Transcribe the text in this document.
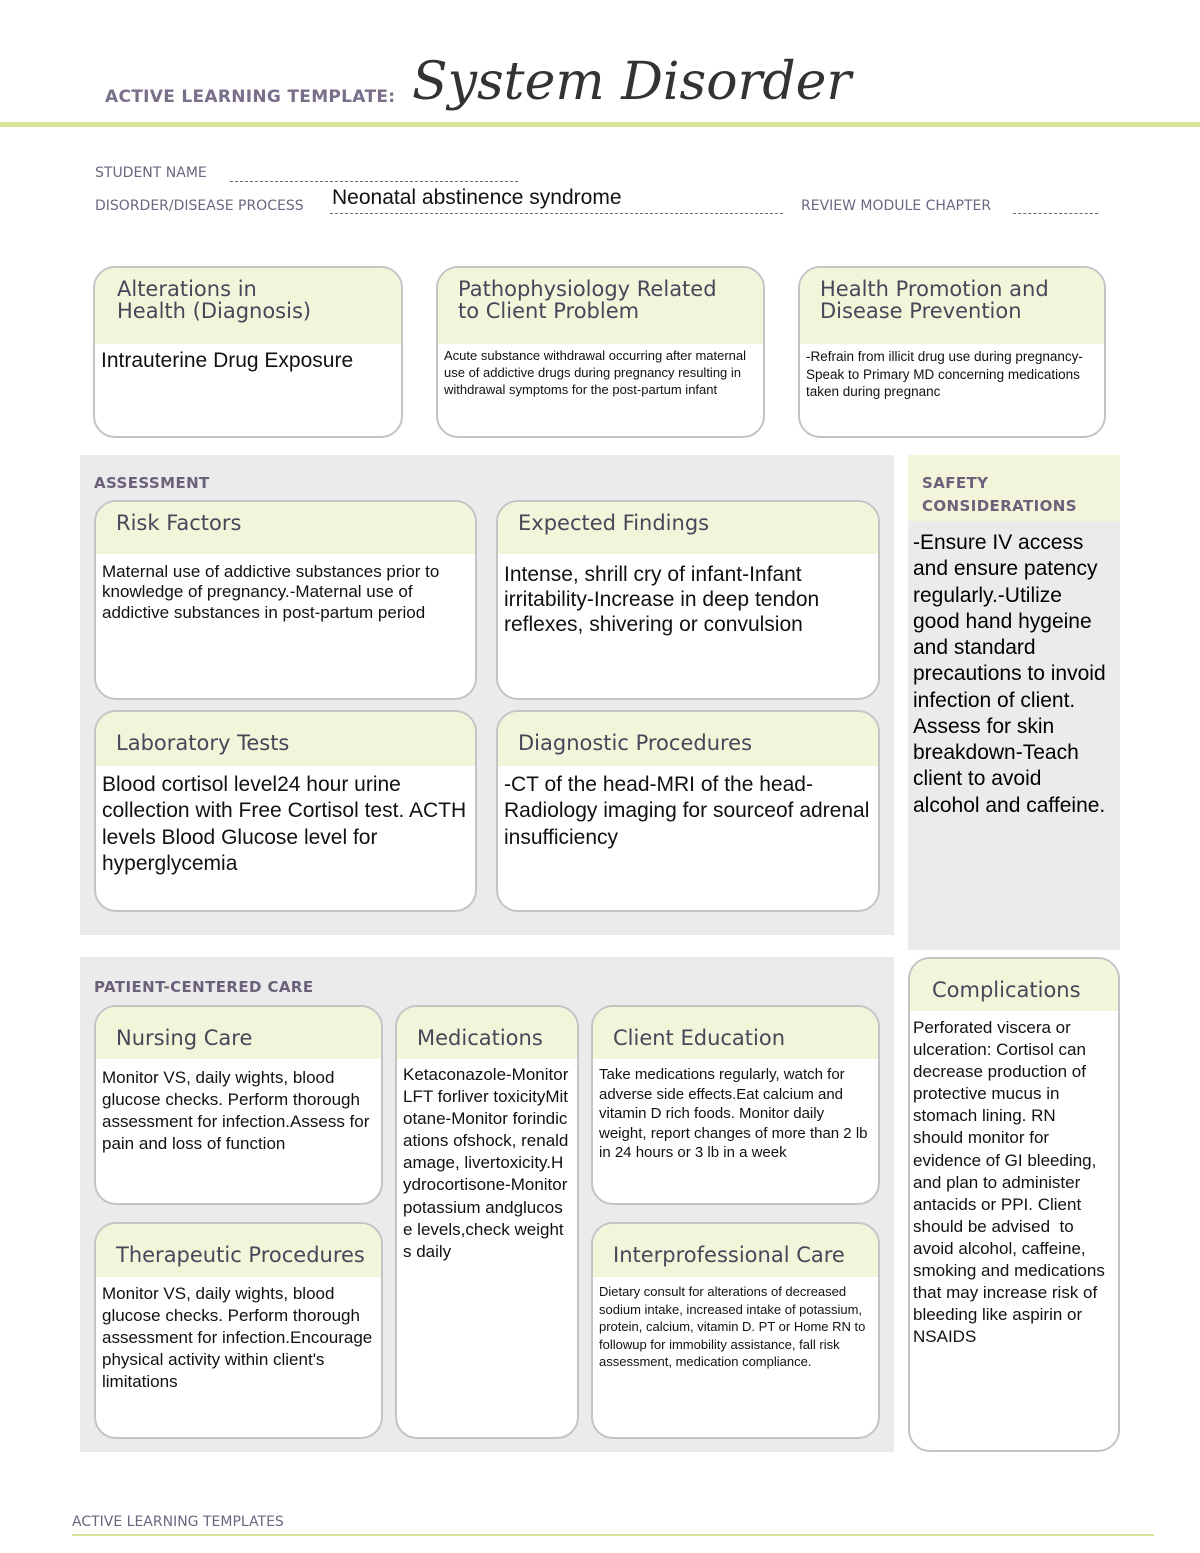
ACTIVE LEARNING TEMPLATE: System Disorder
STUDENT NAME
DISORDER/DISEASE PROCESS Neonatal abstinence syndrome	REVIEW MODULE CHAPTER
Alterations in
Health (Diagnosis)
Intrauterine Drug Exposure
Pathophysiology Related
to Client Problem
Acute substance withdrawal occurring after maternal use of addictive drugs during pregnancy resulting in withdrawal symptoms for the post-partum infant
Health Promotion and
Disease Prevention
-Refrain from illicit drug use during pregnancy-Speak to Primary MD concerning medications taken during pregnanc
ASSESSMENT
Risk Factors
Maternal use of addictive substances prior to knowledge of pregnancy.-Maternal use of addictive substances in post-partum period
Expected Findings
Intense, shrill cry of infant-Infant irritability-Increase in deep tendon reflexes, shivering or convulsion
Laboratory Tests
Blood cortisol level24 hour urine collection with Free Cortisol test. ACTH levels Blood Glucose level for hyperglycemia
Diagnostic Procedures
-CT of the head-MRI of the head-Radiology imaging for sourceof adrenal insufficiency
SAFETY
CONSIDERATIONS
-Ensure IV access and ensure patency regularly.-Utilize good hand hygeine and standard precautions to invoid infection of client. Assess for skin breakdown-Teach client to avoid alcohol and caffeine.
PATIENT-CENTERED CARE
Nursing Care
Monitor VS, daily wights, blood glucose checks. Perform thorough assessment for infection.Assess for pain and loss of function
Medications
Ketaconazole-Monitor LFT forliver toxicityMitotane-Monitor forindications ofshock, renaldamage, livertoxicity.Hydrocortisone-Monitorpotassium andglucose levels,check weights daily
Client Education
Take medications regularly, watch for adverse side effects.Eat calcium and vitamin D rich foods. Monitor daily weight, report changes of more than 2 lb in 24 hours or 3 lb in a week
Therapeutic Procedures
Monitor VS, daily wights, blood glucose checks. Perform thorough assessment for infection.Encourage physical activity within client's limitations
Interprofessional Care
Dietary consult for alterations of decreased sodium intake, increased intake of potassium, protein, calcium, vitamin D. PT or Home RN to followup for immobility assistance, fall risk assessment, medication compliance.
Complications
Perforated viscera or ulceration: Cortisol can decrease production of protective mucus in stomach lining. RN should monitor for evidence of GI bleeding, and plan to administer antacids or PPI. Client should be advised  to avoid alcohol, caffeine, smoking and medications that may increase risk of bleeding like aspirin or NSAIDS
ACTIVE LEARNING TEMPLATES
